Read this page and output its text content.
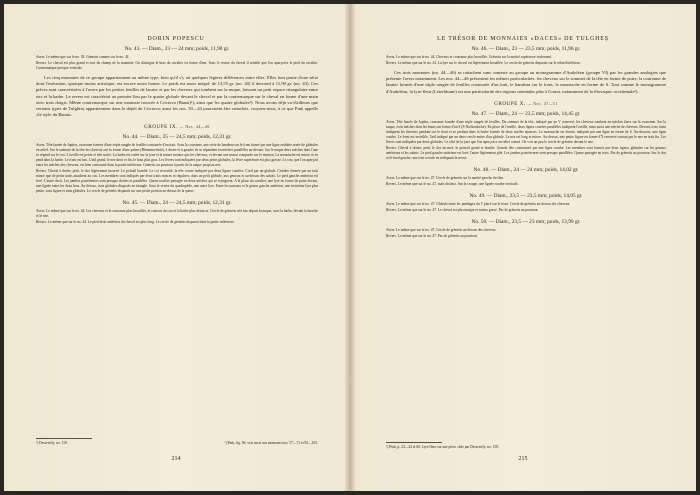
DORIN POPESCU
No. 43. — Diam., 23 — 24 mm; poids, 11,90 gr.

Avers. Le même que sur le no. 38. Grènetis comme sur le no. 42.

Revers. Le cheval est plus grand et sort du champ de la monnaie. On distingue le bras du cavalier en forme d'ane. Sous le ventre du cheval il semble que l'on aperçoive le pied du cavalier. Contremarque presque verticale.

Les cinq monnaies de ce groupe appartiennent au même type, bien qu'il s'y ait quelques légères différences entre elles. Elles font partie d'une série dont l'exécution, quoique moins artistique, est encore assez bonne. Le poids est assez inégal: de 13,55 gr. (no. 40) il descend à 11,90 gr. (no. 43). Ces pièces sont caractérisées à l'avers par les petites feuilles de laurier et par les cheveux qui tombent sur la nuque, laissant un petit espace triangulaire entre eux et la barbe. Le revers est caractérisé au premier lieu par le quatre globule devant le cheval et par la contremarque sur le cheval en forme d'une main avec trois doigts. Même contremarque sur une monnaie trouvée à Criciova (Banat)¹), ainsi que les quatre globules²). Nous avons déjà vu d'ailleurs que certains types de Tulghieș appartiennent dans le dépôt de Criciova; aussi les nos. 39—43 pourraient être rattachés, croyons-nous, à ce que Pink appelle «le style du Banat».

GROUPE IX. — Nos. 44—46
No. 44. — Diam., 25 — 24,5 mm; poids, 12,31 gr.

Avers. Tête laurée de Jupiter, couronne formée d'une triple rangée de feuilles contourée d'un trait. Sous la couronne, une série de bandeau sur le front formé par une ligne ondulée ornée de globules en relief. Sur le sommet de la tête les cheveux ont la forme d'une palme (Blumenschnitt), à droite et à gauche ils se répandent en mèches parallèles au-devant. Sur le nuque deux mèches dont l'une se répand sur le cou. L'oreille est petite et très sortie. La barbe est striée sur la joue et la nature montre que les cheveux, et devant une masse comparée sur le menton. La moustache est mince et en pend dans la barbe. Le front est bas. L'œil grand, le nez droit et fin, le bout plus gros. Les lèvres sont indiquées par deux petits globules, la lèvre supérieure est plus grosse. Le cou, que l'on aperçoit entre les mèches des cheveux, est bien contourné dans la partie inférieure. Grènetis ou pourtour à partir de la nuque jusqu'au nez.

Revers. Cheval à droite, petit, le dos légèrement incurvé. Le poitrail bombé. Le col recourbé, la tête courte indiquée par deux lignes courbes. L'œil par un globule. Crinière formée par un trait mince que de petits traits attachent au cou. Les membres sont indiqués par deux traits minces et réguliers, dans un petit globule, aux genoux et au-dessus des sabots. Le pied gauche antérieur est levé. L'autre droit. Les jambes postérieures sont presque droites et parallèles. Queue touffue partagée en deux mèches qui se rejoignent. A la place du cavalier, une lyre en forme de point devant, une lignée entre les deux bras. Au-dessus, trois globules disposés en triangle. Sous le ventre du quadrupède, une autre lyre. Entre les naseaux et le genou gauche antérieur, une troisième lyre plus petite, sans figure et sans globules. Le cercle de grènetis disparait sur une petite portion au-dessus de la queue.

No. 45. — Diam., 24 — 24,5 mm; poids, 12,31 gr.

Avers. Le même que sur le no. 44. Les cheveux et la couronne plus brouillés, le contour du cou et la barbe plus distincts. Cercle de grènetis très bas depuis la nuque, sous la barbe, devant la bouche et le nez.

Revers. Le même que sur le no. 44. Le pied droit antérieur du cheval est plus long. Le cercle de grènetis disparait dans la partie inférieure.

¹) Dessewffy, no. 118.	²) Pink, fig. 56; voir aussi nos monnaies nos. 57—71 et 92—103.
214
LE TRÉSOR DE MONNAIES «DACES» DE TULGHEȘ
No. 46. — Diam., 23 — 23,5 mm; poids, 11,96 gr.

Avers. Le même que sur le no. 44. Cheveux et couronne plus brouillés. Grènetis sur la moitié supérieure seulement.

Revers. Le même que sur le no. 44. La lyre sur le cheval est légèrement brouillée. Le cercle de grènetis disparait sur le rebord inférieur.

Ces trois monnaies (no. 44—46) se rattachent sans conteste au groupe au monogramme d'Audoléon (groupe VI) par les grandes analogies que présente l'avers notamment. Les nos. 44—46 présentent les mêmes particularités: les cheveux sur le sommet de la tête en forme de poire, la couronne de laurier formée d'une triple rangée de feuilles contourée d'un trait, le bandeau sur le front, la moustache en forme de S. Tout comme le monogramme d'Audoléon, la lyre-fleur (Leierblume) est une particularité des régions orientales plus à l'ouest, notamment de la Slovaquie occidentale¹).

GROUPE X. — Nos. 47—51
No. 47. — Diam., 24 — 23,5 mm; poids, 14,45 gr.

Avers. Tête laurée de Jupiter, couronne formée d'une triple rangée de feuilles. Du sommet de la tête, indiqué par un V renversé, les cheveux tombent en mèches fines sur la couronne. Sur la nuque, trois mèches dont les bouts ont forme d'un S (S-Nackenlocke). En place de l'oreille, deux lignes courbes parallèles indiquent l'oreille, mais aussi une mèche de cheveux. Devant, trois traits indiquent les cheveux pendant sur le front et se perdant dans la barbe formée de deux touffes épaisses. La moustache est étroite, indiquée par une ligne en forme de S. Au-dessous, une ligne courbe. Le front est invisible, l'œil indiqué par un deux-cercle entier d'un globule. Le nez est long et mince. Au-dessus, une petite figure en forme d'X renversé surtout par le nez en trait fin. Les lèvres sont indiquées par deux globules. Le côté de la joue que l'on aperçoit a un relief creusé. On voit un peu le cercle de grènetis devant le nez.

Revers. Cheval à droite; petit, le dos incurvé, le poitrail grand et bombé. Grande tête contournée par une ligne courbe. Les membres sont formés par deux lignes; globules sur les genoux antérieurs et les sabots. Le pied gauche antérieur est levé, l'autre légèrement plié. Les jambes postérieures sont presque parallèles. Queue partagée en trois. Pas de grènetis au pourtour. Sur le dos et le bord gauche, une trait oviode en indiquant la tresse.

No. 48. — Diam., 24 — 24 mm; poids, 14,02 gr.

Avers. Le même que sur le no. 47. Cercle de grènetis sur la moitié gauche du flan.

Revers. Le même que sur le no. 47, mais distinct. Sur la croupe, une lignée courbe verticale.

No. 49. — Diam., 23,5 — 23,5 mm; poids, 14,05 gr.

Avers. Le même que sur le no. 47. Globule entre les jambages du V placé sur le front. Cercle de grènetis au-dessus des cheveux.

Revers. Le même que sur le no. 47. Le cheval est plus maigre et mieux gravé. Pas de grènetis au pourtour.

No. 50. — Diam., 23,5 — 23 mm; poids, 13,90 gr.

Avers. Le même que sur le no. 47. Cercle de grènetis au-dessus des cheveux.

Revers. Le même que sur le no. 47. Pas de grènetis au pourtour.

¹) Pink, p. 23—24 et 66. Lyre-fleur sur une pièce citée par Dessewffy, no. 158.
215
